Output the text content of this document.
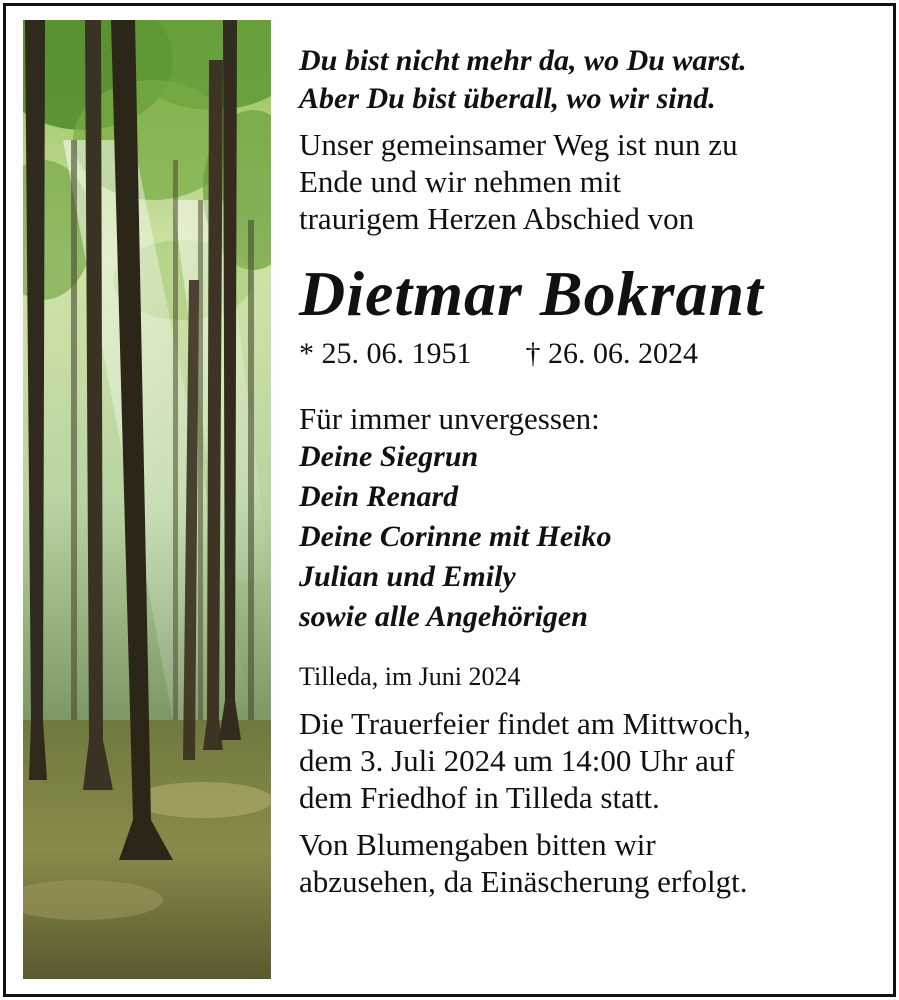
Du bist nicht mehr da, wo Du warst.
Aber Du bist überall, wo wir sind.
Unser gemeinsamer Weg ist nun zu
Ende und wir nehmen mit
traurigem Herzen Abschied von
Dietmar Bokrant
* 25. 06. 1951 † 26. 06. 2024
Für immer unvergessen:
Deine Siegrun
Dein Renard
Deine Corinne mit Heiko
Julian und Emily
sowie alle Angehörigen
Tilleda, im Juni 2024
Die Trauerfeier findet am Mittwoch,
dem 3. Juli 2024 um 14:00 Uhr auf
dem Friedhof in Tilleda statt.
Von Blumengaben bitten wir
abzusehen, da Einäscherung erfolgt.
